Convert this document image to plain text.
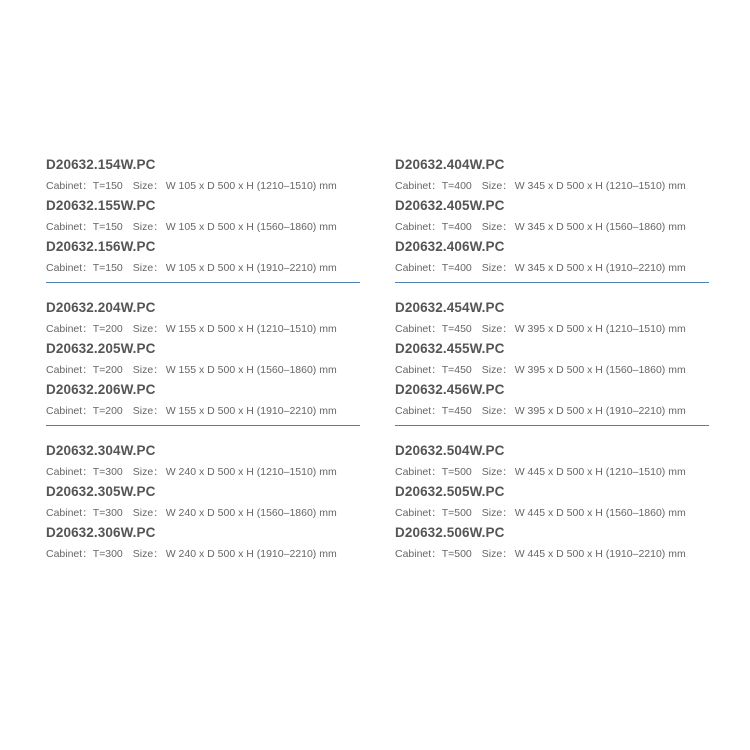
D20632.154W.PC
Cabinet：T=150 Size： W 105 x D 500 x H (1210–1510) mm
D20632.155W.PC
Cabinet：T=150 Size： W 105 x D 500 x H (1560–1860) mm
D20632.156W.PC
Cabinet：T=150 Size： W 105 x D 500 x H (1910–2210) mm
D20632.204W.PC
Cabinet：T=200 Size： W 155 x D 500 x H (1210–1510) mm
D20632.205W.PC
Cabinet：T=200 Size： W 155 x D 500 x H (1560–1860) mm
D20632.206W.PC
Cabinet：T=200 Size： W 155 x D 500 x H (1910–2210) mm
D20632.304W.PC
Cabinet：T=300 Size： W 240 x D 500 x H (1210–1510) mm
D20632.305W.PC
Cabinet：T=300 Size： W 240 x D 500 x H (1560–1860) mm
D20632.306W.PC
Cabinet：T=300 Size： W 240 x D 500 x H (1910–2210) mm
D20632.404W.PC
Cabinet：T=400 Size： W 345 x D 500 x H (1210–1510) mm
D20632.405W.PC
Cabinet：T=400 Size： W 345 x D 500 x H (1560–1860) mm
D20632.406W.PC
Cabinet：T=400 Size： W 345 x D 500 x H (1910–2210) mm
D20632.454W.PC
Cabinet：T=450 Size： W 395 x D 500 x H (1210–1510) mm
D20632.455W.PC
Cabinet：T=450 Size： W 395 x D 500 x H (1560–1860) mm
D20632.456W.PC
Cabinet：T=450 Size： W 395 x D 500 x H (1910–2210) mm
D20632.504W.PC
Cabinet：T=500 Size： W 445 x D 500 x H (1210–1510) mm
D20632.505W.PC
Cabinet：T=500 Size： W 445 x D 500 x H (1560–1860) mm
D20632.506W.PC
Cabinet：T=500 Size： W 445 x D 500 x H (1910–2210) mm
